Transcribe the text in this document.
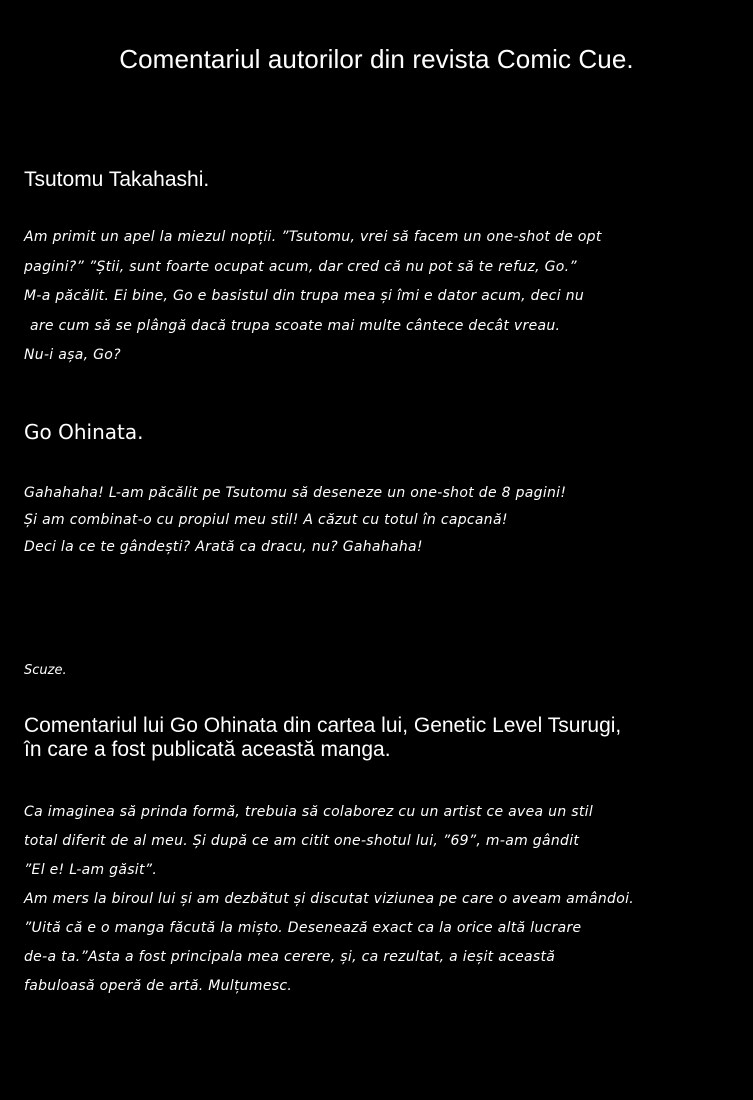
Comentariul autorilor din revista Comic Cue.
Tsutomu Takahashi.
Am primit un apel la miezul nopții. ”Tsutomu, vrei să facem un one-shot de opt
pagini?” ”Știi, sunt foarte ocupat acum, dar cred că nu pot să te refuz, Go.”
M-a păcălit. Ei bine, Go e basistul din trupa mea și îmi e dator acum, deci nu
are cum să se plângă dacă trupa scoate mai multe cântece decât vreau.
Nu-i așa, Go?
Go Ohinata.
Gahahaha! L-am păcălit pe Tsutomu să deseneze un one-shot de 8 pagini!
Și am combinat-o cu propiul meu stil! A căzut cu totul în capcană!
Deci la ce te gândești? Arată ca dracu, nu? Gahahaha!
Scuze.
Comentariul lui Go Ohinata din cartea lui, Genetic Level Tsurugi,
în care a fost publicată această manga.
Ca imaginea să prinda formă, trebuia să colaborez cu un artist ce avea un stil
total diferit de al meu. Și după ce am citit one-shotul lui, ”69”, m-am gândit
”El e! L-am găsit”.
Am mers la biroul lui și am dezbătut și discutat viziunea pe care o aveam amândoi.
”Uită că e o manga făcută la mișto. Desenează exact ca la orice altă lucrare
de-a ta.”Asta a fost principala mea cerere, și, ca rezultat, a ieșit această
fabuloasă operă de artă. Mulțumesc.
